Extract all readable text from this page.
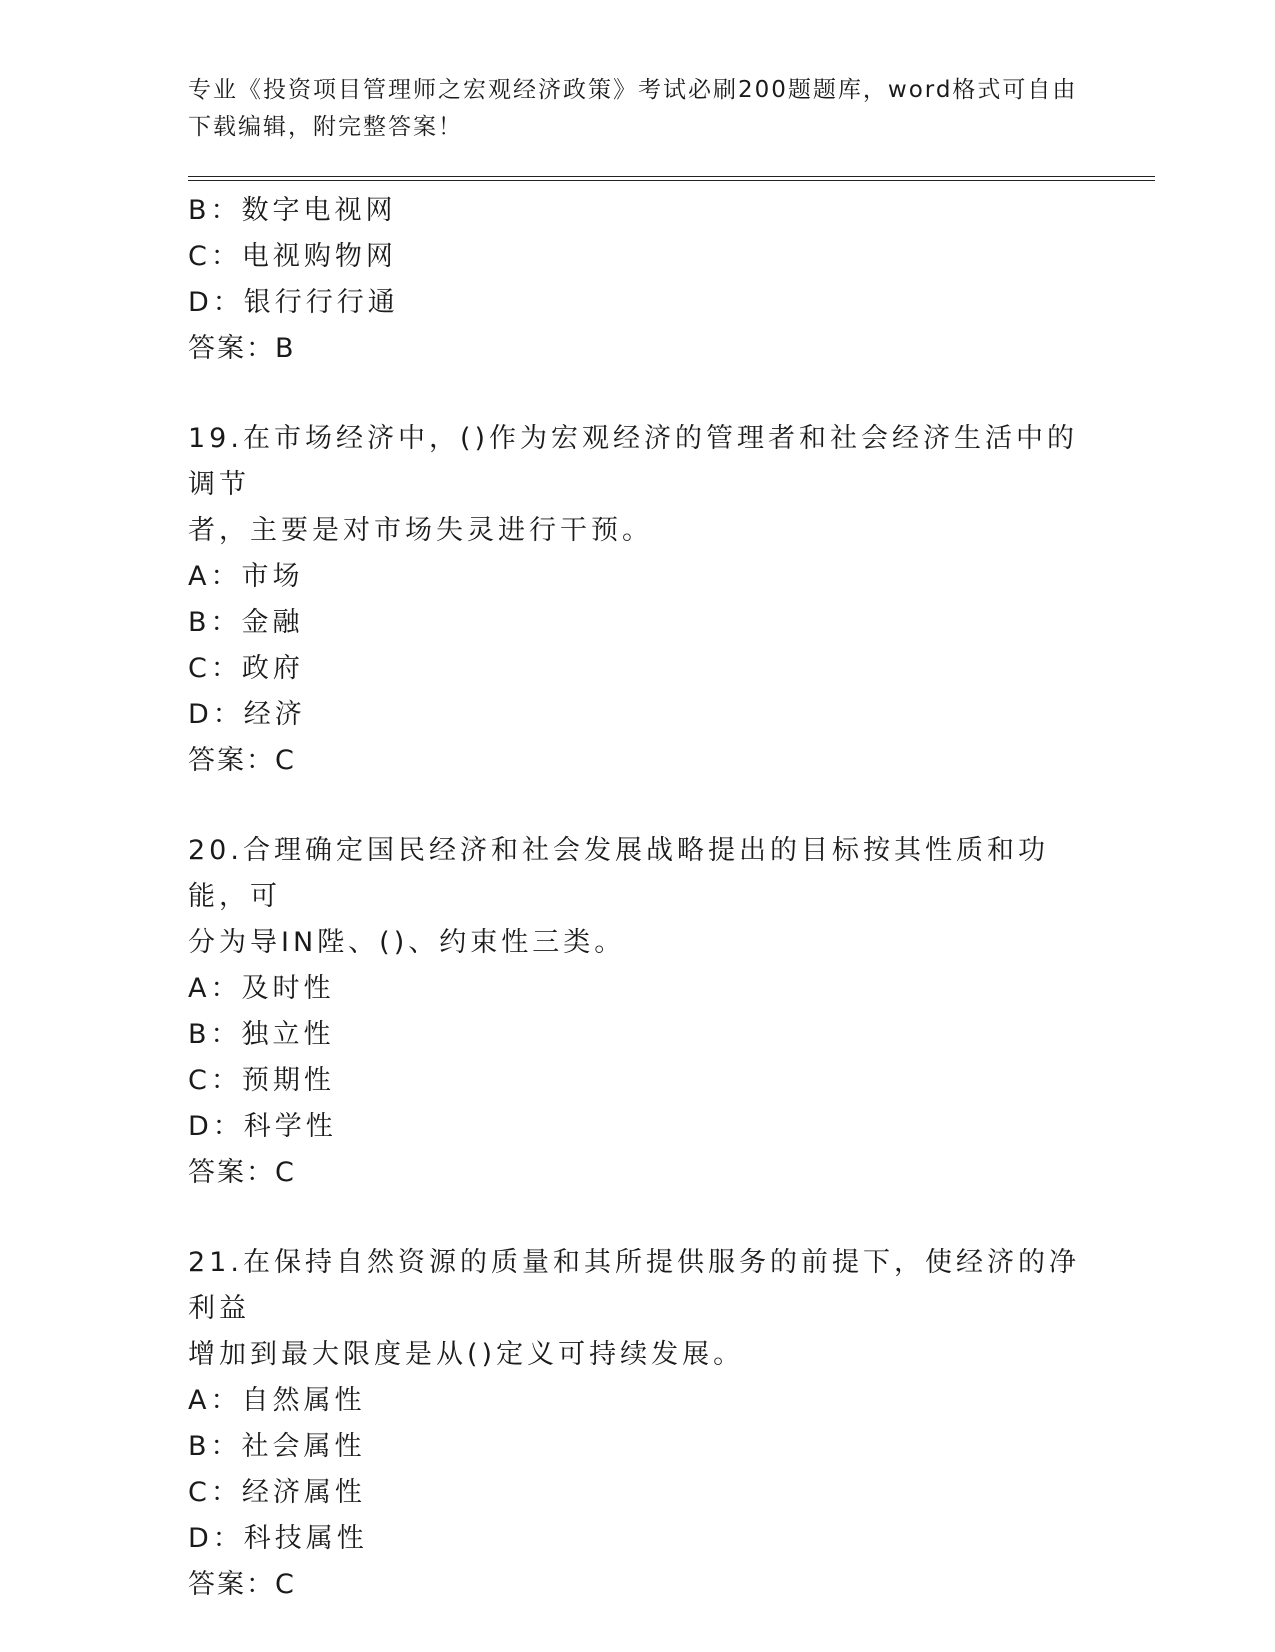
专业《投资项目管理师之宏观经济政策》考试必刷200题题库，word格式可自由
下载编辑，附完整答案！
B：数字电视网
C：电视购物网
D：银行行行通
答案：B
19.在市场经济中，()作为宏观经济的管理者和社会经济生活中的调节
者，主要是对市场失灵进行干预。
A：市场
B：金融
C：政府
D：经济
答案：C
20.合理确定国民经济和社会发展战略提出的目标按其性质和功能，可
分为导IN陛、()、约束性三类。
A：及时性
B：独立性
C：预期性
D：科学性
答案：C
21.在保持自然资源的质量和其所提供服务的前提下，使经济的净利益
增加到最大限度是从()定义可持续发展。
A：自然属性
B：社会属性
C：经济属性
D：科技属性
答案：C
